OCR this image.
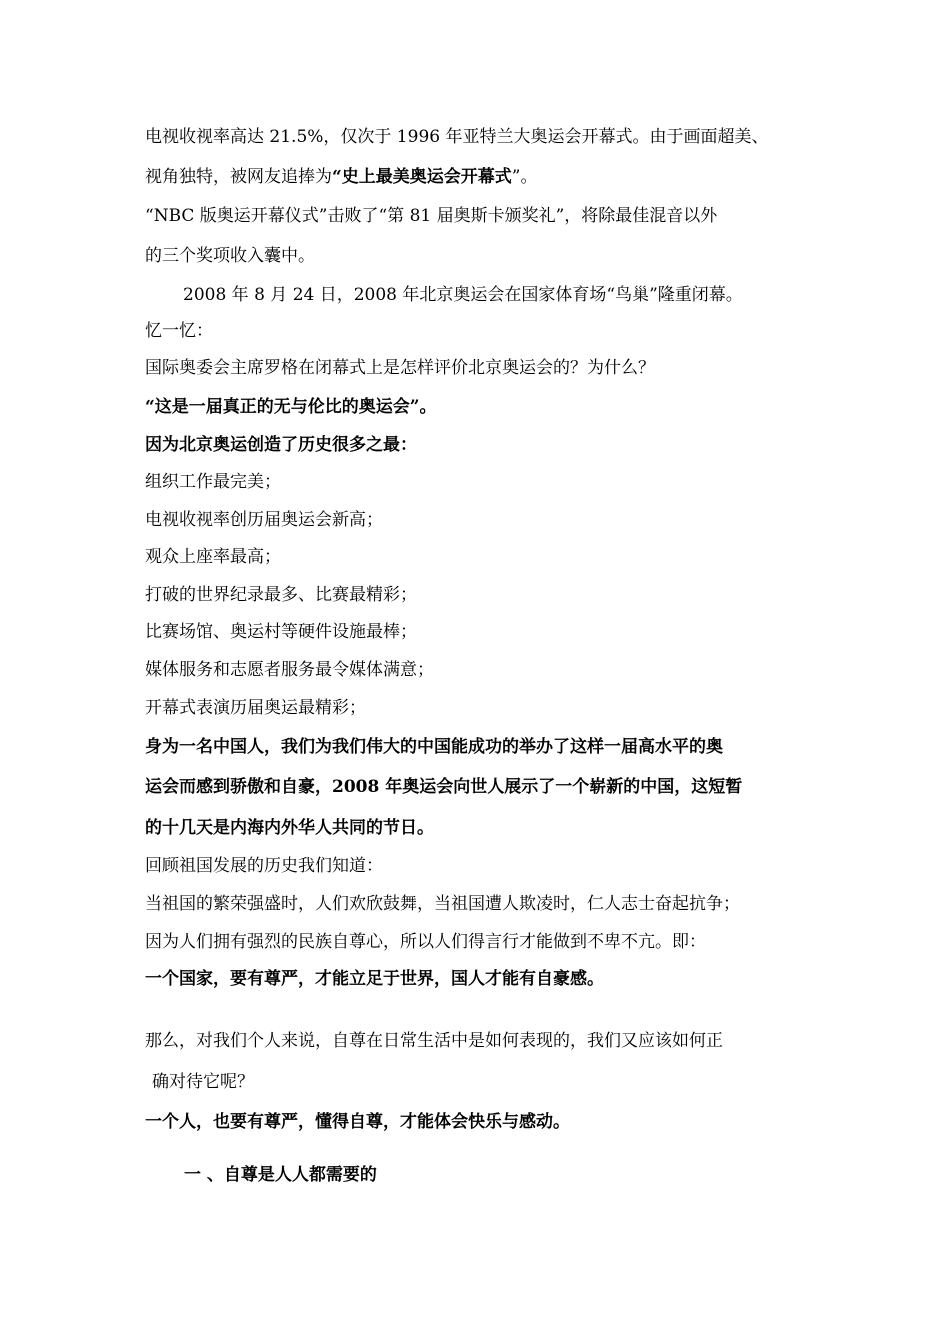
电视收视率高达 21.5%，仅次于 1996 年亚特兰大奥运会开幕式。由于画面超美、

视角独特，被网友追捧为“史上最美奥运会开幕式”。

“NBC 版奥运开幕仪式”击败了“第 81 届奥斯卡颁奖礼”，将除最佳混音以外

的三个奖项收入囊中。

2008 年 8 月 24 日，2008 年北京奥运会在国家体育场“鸟巢”隆重闭幕。

忆一忆：

国际奥委会主席罗格在闭幕式上是怎样评价北京奥运会的？为什么？

“这是一届真正的无与伦比的奥运会”。

因为北京奥运创造了历史很多之最：

组织工作最完美；

电视收视率创历届奥运会新高；

观众上座率最高；

打破的世界纪录最多、比赛最精彩；

比赛场馆、奥运村等硬件设施最棒；

媒体服务和志愿者服务最令媒体满意；

开幕式表演历届奥运最精彩；

身为一名中国人，我们为我们伟大的中国能成功的举办了这样一届高水平的奥

运会而感到骄傲和自豪，2008 年奥运会向世人展示了一个崭新的中国，这短暂

的十几天是内海内外华人共同的节日。

回顾祖国发展的历史我们知道：

当祖国的繁荣强盛时，人们欢欣鼓舞，当祖国遭人欺凌时，仁人志士奋起抗争；

因为人们拥有强烈的民族自尊心，所以人们得言行才能做到不卑不亢。即：

一个国家，要有尊严，才能立足于世界，国人才能有自豪感。

那么，对我们个人来说，自尊在日常生活中是如何表现的，我们又应该如何正

确对待它呢？

一个人，也要有尊严，懂得自尊，才能体会快乐与感动。

一 、自尊是人人都需要的
